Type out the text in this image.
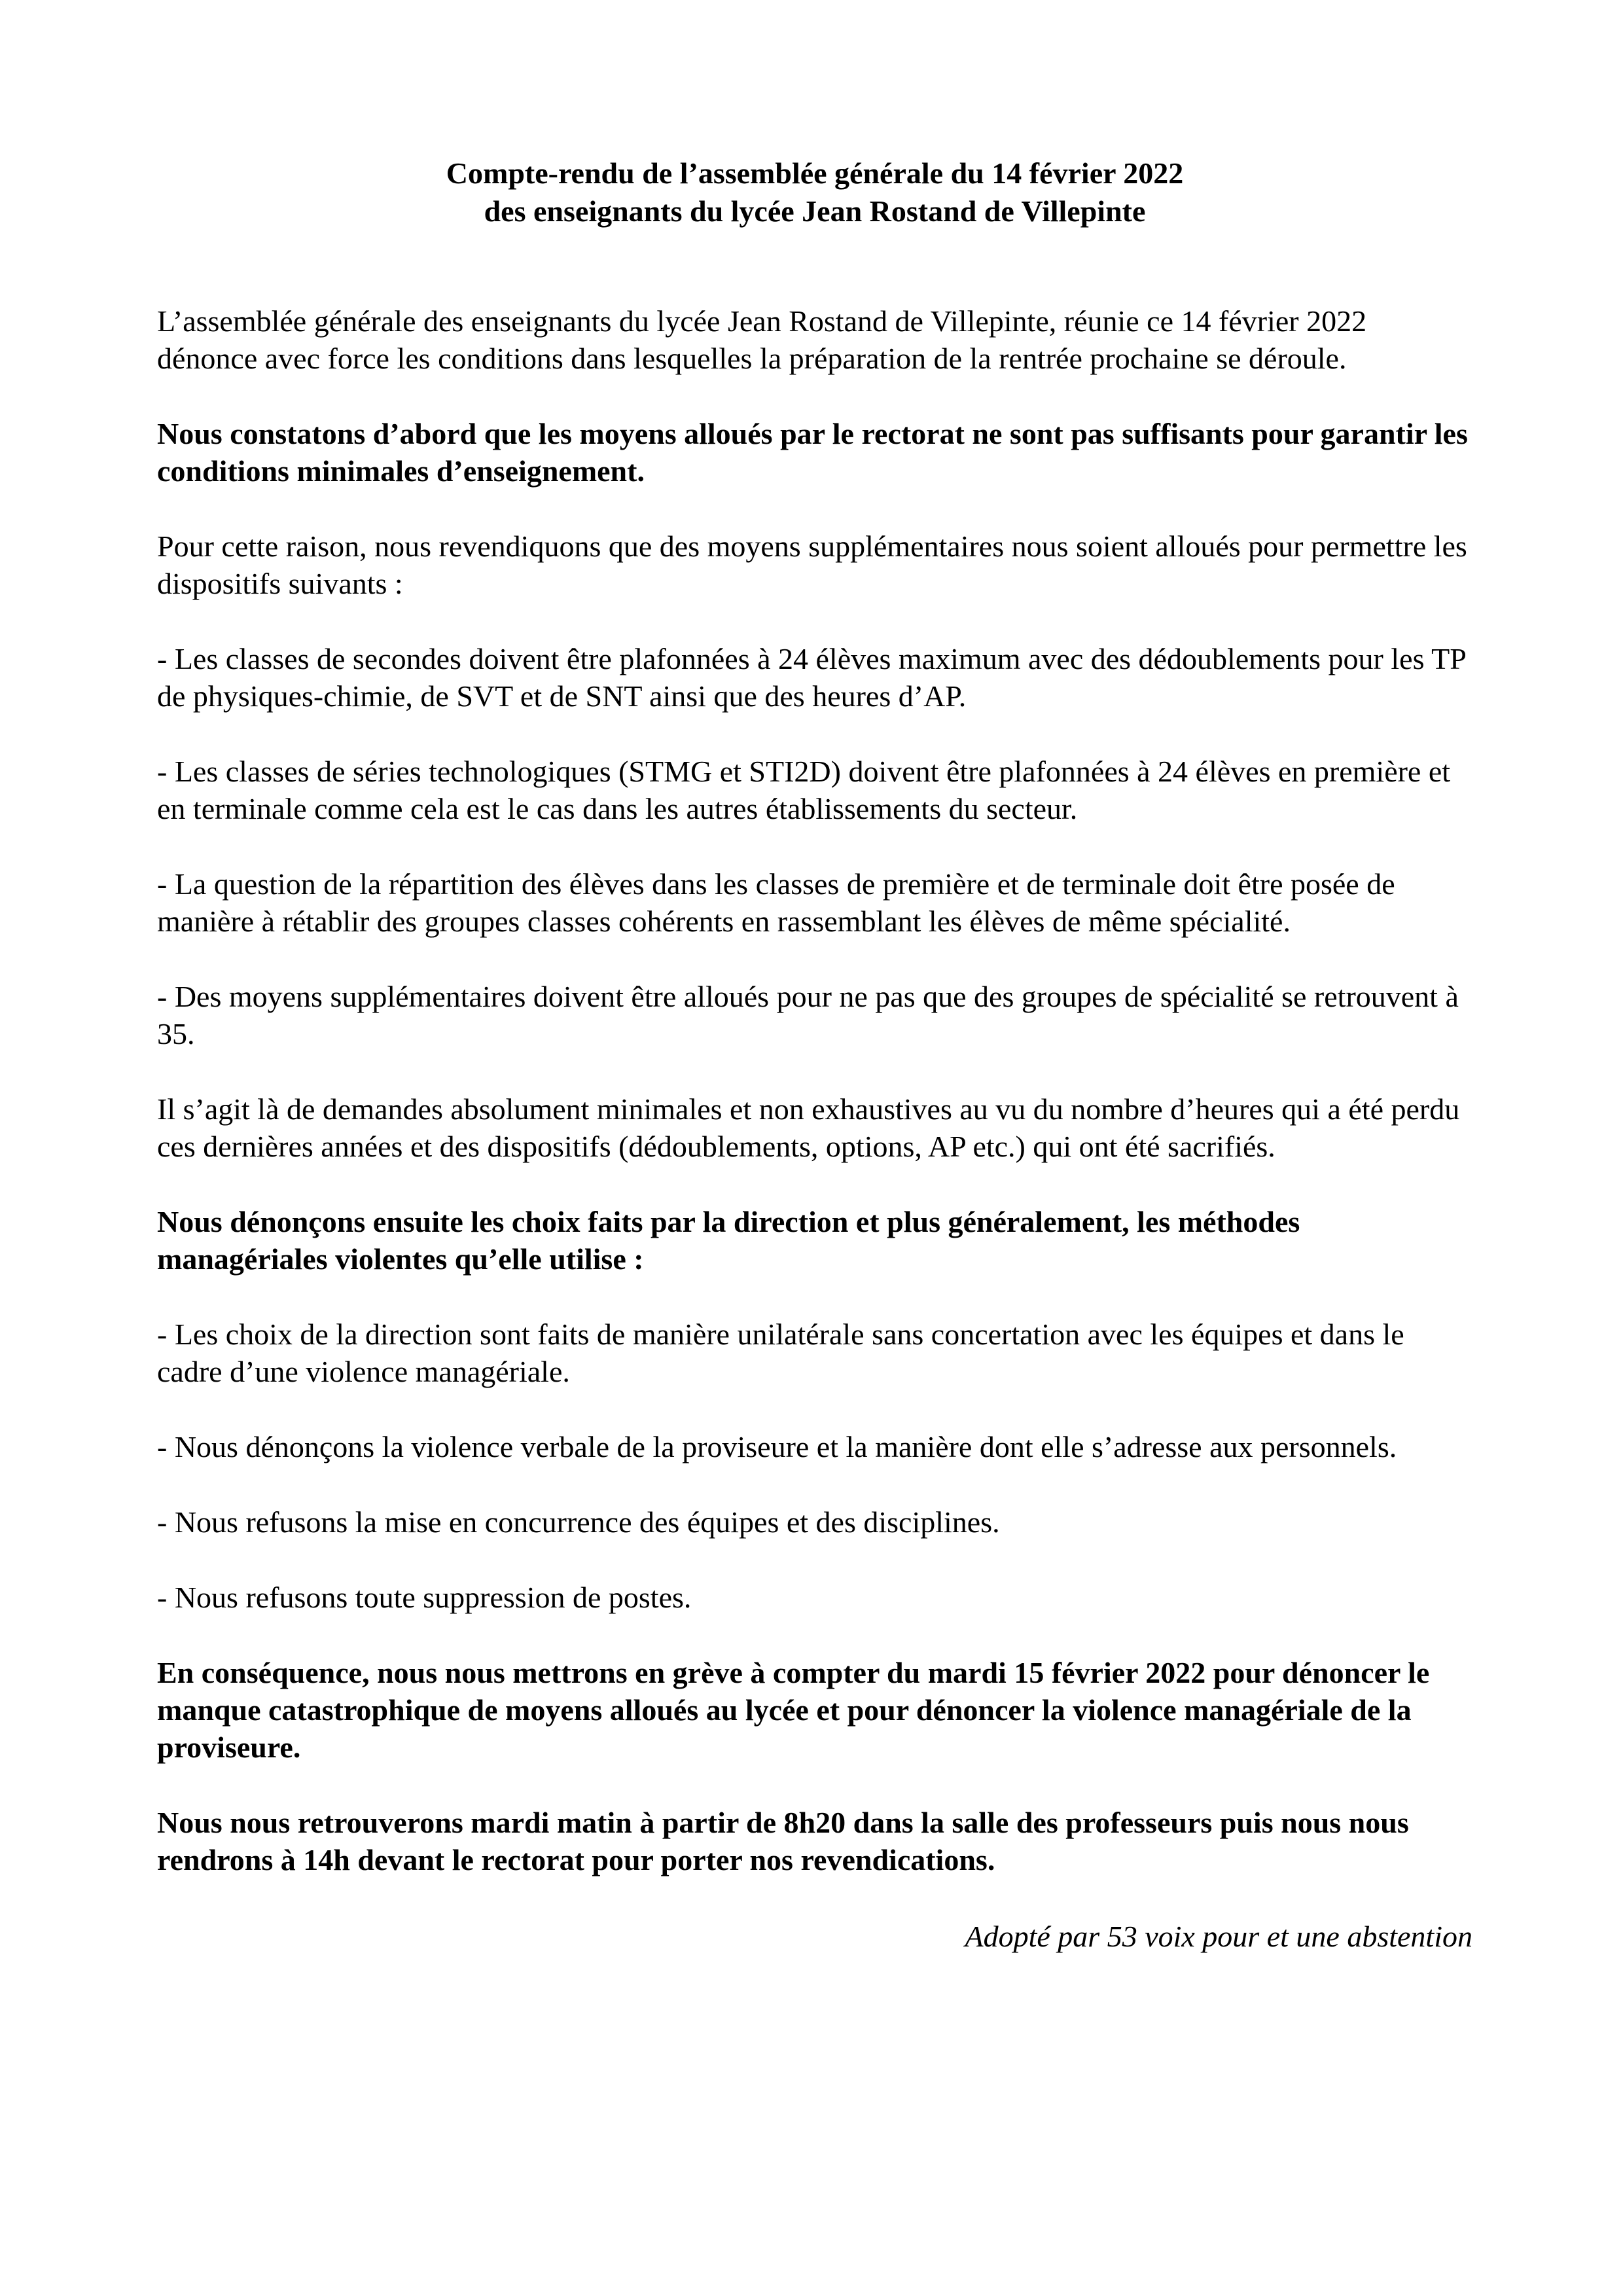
Compte-rendu de l’assemblée générale du 14 février 2022
des enseignants du lycée Jean Rostand de Villepinte

L’assemblée générale des enseignants du lycée Jean Rostand de Villepinte, réunie ce 14 février 2022 dénonce avec force les conditions dans lesquelles la préparation de la rentrée prochaine se déroule.

Nous constatons d’abord que les moyens alloués par le rectorat ne sont pas suffisants pour garantir les conditions minimales d’enseignement.

Pour cette raison, nous revendiquons que des moyens supplémentaires nous soient alloués pour permettre les dispositifs suivants :

- Les classes de secondes doivent être plafonnées à 24 élèves maximum avec des dédoublements pour les TP de physiques-chimie, de SVT et de SNT ainsi que des heures d’AP.

- Les classes de séries technologiques (STMG et STI2D) doivent être plafonnées à 24 élèves en première et en terminale comme cela est le cas dans les autres établissements du secteur.

- La question de la répartition des élèves dans les classes de première et de terminale doit être posée de manière à rétablir des groupes classes cohérents en rassemblant les élèves de même spécialité.

- Des moyens supplémentaires doivent être alloués pour ne pas que des groupes de spécialité se retrouvent à 35.

Il s’agit là de demandes absolument minimales et non exhaustives au vu du nombre d’heures qui a été perdu ces dernières années et des dispositifs (dédoublements, options, AP etc.) qui ont été sacrifiés.

Nous dénonçons ensuite les choix faits par la direction et plus généralement, les méthodes managériales violentes qu’elle utilise :

- Les choix de la direction sont faits de manière unilatérale sans concertation avec les équipes et dans le cadre d’une violence managériale.

- Nous dénonçons la violence verbale de la proviseure et la manière dont elle s’adresse aux personnels.

- Nous refusons la mise en concurrence des équipes et des disciplines.

- Nous refusons toute suppression de postes.

En conséquence, nous nous mettrons en grève à compter du mardi 15 février 2022 pour dénoncer le manque catastrophique de moyens alloués au lycée et pour dénoncer la violence managériale de la proviseure.

Nous nous retrouverons mardi matin à partir de 8h20 dans la salle des professeurs puis nous nous rendrons à 14h devant le rectorat pour porter nos revendications.

Adopté par 53 voix pour et une abstention
